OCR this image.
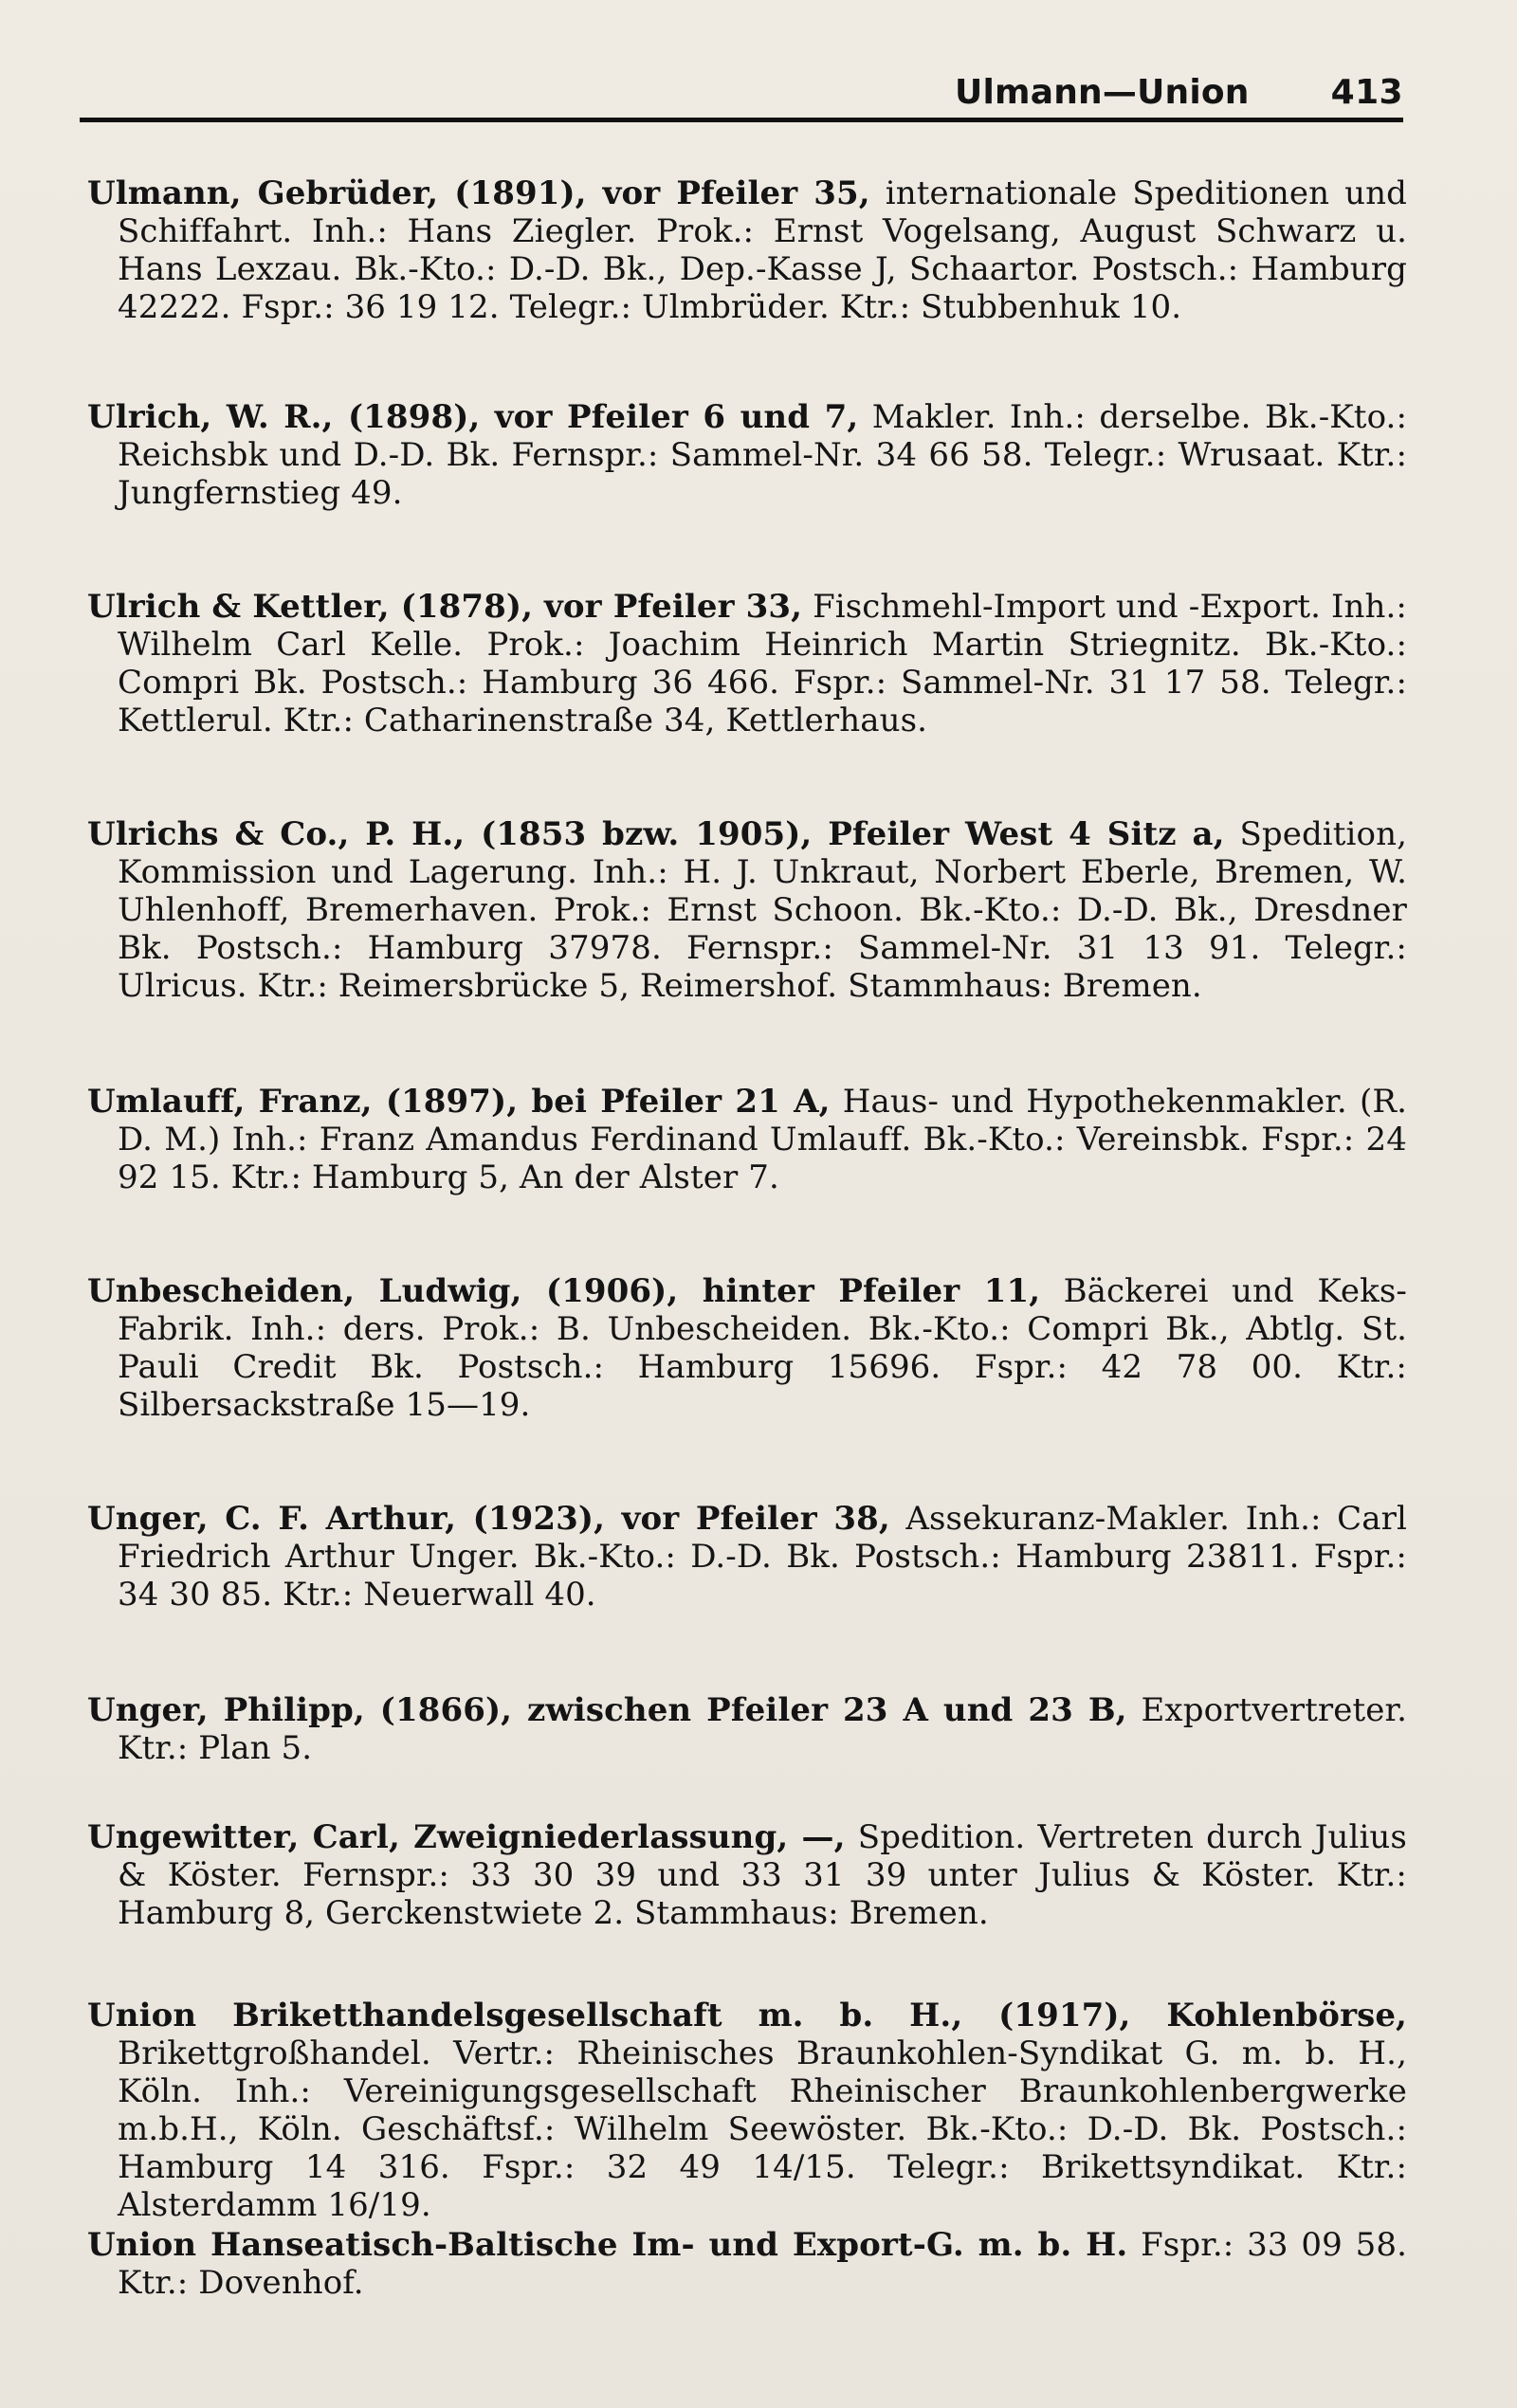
Ulmann—Union 413
Ulmann, Gebrüder, (1891), vor Pfeiler 35, internationale Speditionen und Schiffahrt. Inh.: Hans Ziegler. Prok.: Ernst Vogelsang, August Schwarz u. Hans Lexzau. Bk.-Kto.: D.-D. Bk., Dep.-Kasse J, Schaartor. Postsch.: Hamburg 42222. Fspr.: 36 19 12. Telegr.: Ulmbrüder. Ktr.: Stubbenhuk 10.
Ulrich, W. R., (1898), vor Pfeiler 6 und 7, Makler. Inh.: derselbe. Bk.-Kto.: Reichsbk und D.-D. Bk. Fernspr.: Sammel-Nr. 34 66 58. Telegr.: Wrusaat. Ktr.: Jungfernstieg 49.
Ulrich & Kettler, (1878), vor Pfeiler 33, Fischmehl-Import und -Export. Inh.: Wilhelm Carl Kelle. Prok.: Joachim Heinrich Martin Striegnitz. Bk.-Kto.: Compri Bk. Postsch.: Hamburg 36 466. Fspr.: Sammel-Nr. 31 17 58. Telegr.: Kettlerul. Ktr.: Catharinenstraße 34, Kettlerhaus.
Ulrichs & Co., P. H., (1853 bzw. 1905), Pfeiler West 4 Sitz a, Spedition, Kommission und Lagerung. Inh.: H. J. Unkraut, Norbert Eberle, Bremen, W. Uhlenhoff, Bremerhaven. Prok.: Ernst Schoon. Bk.-Kto.: D.-D. Bk., Dresdner Bk. Postsch.: Hamburg 37978. Fernspr.: Sammel-Nr. 31 13 91. Telegr.: Ulricus. Ktr.: Reimersbrücke 5, Reimershof. Stammhaus: Bremen.
Umlauff, Franz, (1897), bei Pfeiler 21 A, Haus- und Hypothekenmakler. (R. D. M.) Inh.: Franz Amandus Ferdinand Umlauff. Bk.-Kto.: Vereinsbk. Fspr.: 24 92 15. Ktr.: Hamburg 5, An der Alster 7.
Unbescheiden, Ludwig, (1906), hinter Pfeiler 11, Bäckerei und Keks-Fabrik. Inh.: ders. Prok.: B. Unbescheiden. Bk.-Kto.: Compri Bk., Abtlg. St. Pauli Credit Bk. Postsch.: Hamburg 15696. Fspr.: 42 78 00. Ktr.: Silbersackstraße 15—19.
Unger, C. F. Arthur, (1923), vor Pfeiler 38, Assekuranz-Makler. Inh.: Carl Friedrich Arthur Unger. Bk.-Kto.: D.-D. Bk. Postsch.: Hamburg 23811. Fspr.: 34 30 85. Ktr.: Neuerwall 40.
Unger, Philipp, (1866), zwischen Pfeiler 23 A und 23 B, Exportvertreter. Ktr.: Plan 5.
Ungewitter, Carl, Zweigniederlassung, —, Spedition. Vertreten durch Julius & Köster. Fernspr.: 33 30 39 und 33 31 39 unter Julius & Köster. Ktr.: Hamburg 8, Gerckenstwiete 2. Stammhaus: Bremen.
Union Briketthandelsgesellschaft m. b. H., (1917), Kohlenbörse, Brikettgroßhandel. Vertr.: Rheinisches Braunkohlen-Syndikat G. m. b. H., Köln. Inh.: Vereinigungsgesellschaft Rheinischer Braunkohlenbergwerke m.b.H., Köln. Geschäftsf.: Wilhelm Seewöster. Bk.-Kto.: D.-D. Bk. Postsch.: Hamburg 14 316. Fspr.: 32 49 14/15. Telegr.: Brikettsyndikat. Ktr.: Alsterdamm 16/19.
Union Hanseatisch-Baltische Im- und Export-G. m. b. H. Fspr.: 33 09 58. Ktr.: Dovenhof.
